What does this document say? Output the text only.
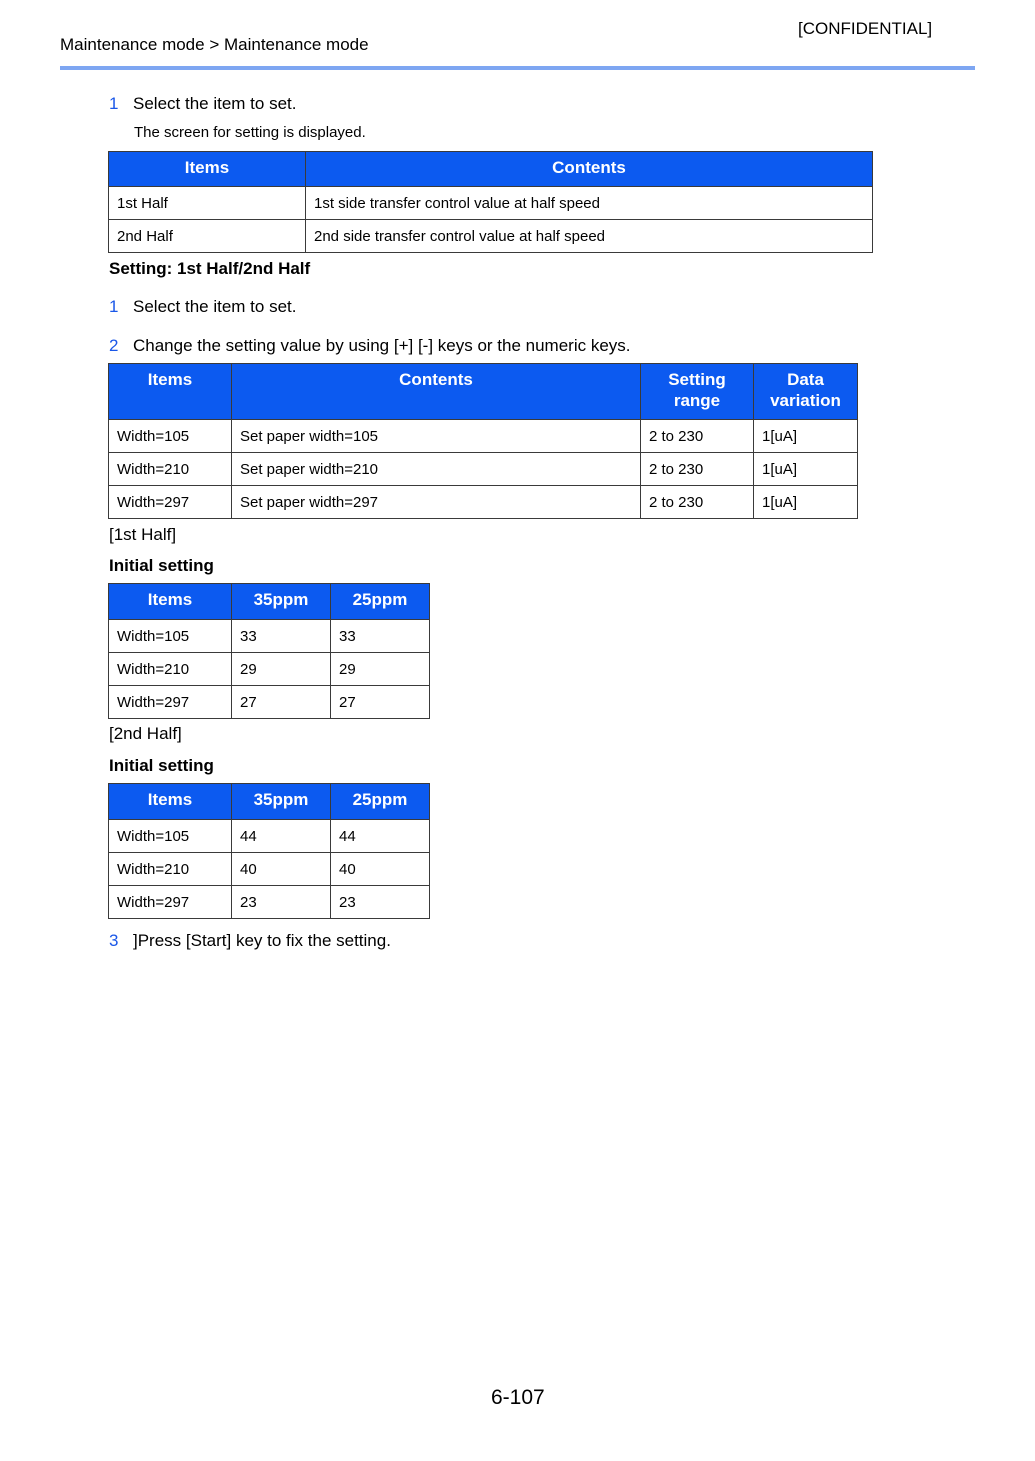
[CONFIDENTIAL]
Maintenance mode > Maintenance mode
1 Select the item to set.
The screen for setting is displayed.
Items	Contents
1st Half	1st side transfer control value at half speed
2nd Half	2nd side transfer control value at half speed
Setting: 1st Half/2nd Half
1 Select the item to set.
2 Change the setting value by using [+] [-] keys or the numeric keys.
Items	Contents	Setting range	Data variation
Width=105	Set paper width=105	2 to 230	1[uA]
Width=210	Set paper width=210	2 to 230	1[uA]
Width=297	Set paper width=297	2 to 230	1[uA]
[1st Half]
Initial setting
Items	35ppm	25ppm
Width=105	33	33
Width=210	29	29
Width=297	27	27
[2nd Half]
Initial setting
Items	35ppm	25ppm
Width=105	44	44
Width=210	40	40
Width=297	23	23
3 ]Press [Start] key to fix the setting.
6-107
